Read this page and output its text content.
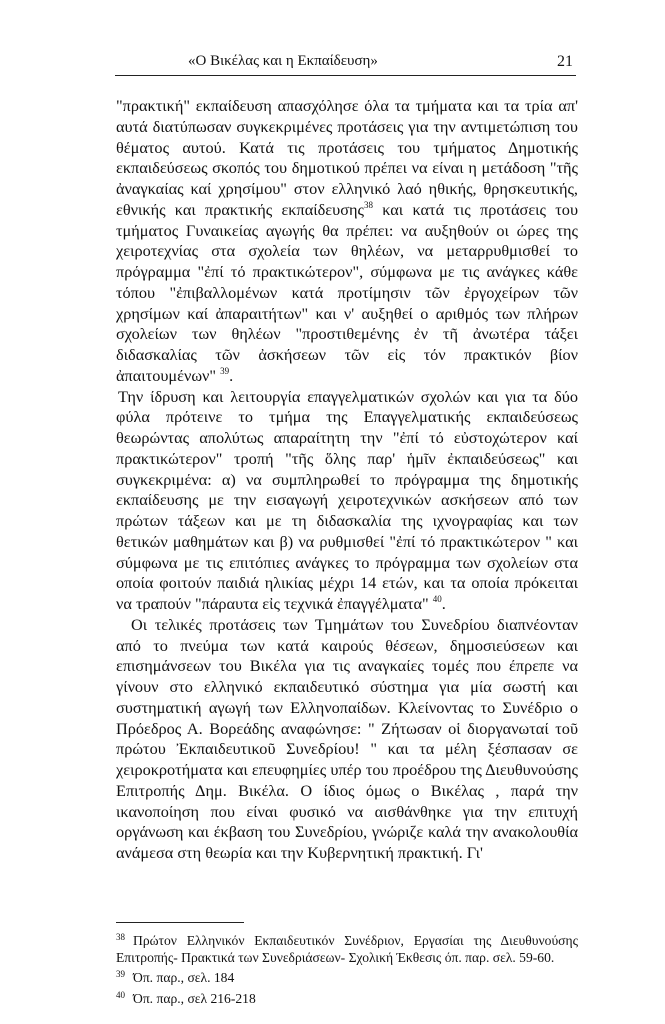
«Ο Βικέλας και η Εκπαίδευση»	21

"πρακτική" εκπαίδευση απασχόλησε όλα τα τμήματα και τα τρία απ' αυτά διατύπωσαν συγκεκριμένες προτάσεις για την αντιμετώπιση του θέματος αυτού. Κατά τις προτάσεις του τμήματος Δημοτικής εκπαιδεύσεως σκοπός του δημοτικού πρέπει να είναι η μετάδοση "τῆς ἀναγκαίας καί χρησίμου" στον ελληνικό λαό ηθικής, θρησκευτικής, εθνικής και πρακτικής εκπαίδευσης$^{38}$ και κατά τις προτάσεις του τμήματος Γυναικείας αγωγής θα πρέπει: να αυξηθούν οι ώρες της χειροτεχνίας στα σχολεία των θηλέων, να μεταρρυθμισθεί το πρόγραμμα "ἐπί τό πρακτικώτερον", σύμφωνα με τις ανάγκες κάθε τόπου "ἐπιβαλλομένων κατά προτίμησιν τῶν ἐργοχείρων τῶν χρησίμων καί ἀπαραιτήτων" και ν' αυξηθεί ο αριθμός των πλήρων σχολείων των θηλέων "προστιθεμένης ἐν τῆ ἀνωτέρα τάξει διδασκαλίας τῶν ἀσκήσεων τῶν εἰς τόν πρακτικόν βίον ἀπαιτουμένων" $^{39}$.

Την ίδρυση και λειτουργία επαγγελματικών σχολών και για τα δύο φύλα πρότεινε το τμήμα της Επαγγελματικής εκπαιδεύσεως θεωρώντας απολύτως απαραίτητη την "ἐπί τό εὐστοχώτερον καί πρακτικώτερον" τροπή "τῆς ὅλης παρ' ἡμῖν ἐκπαιδεύσεως" και συγκεκριμένα: α) να συμπληρωθεί το πρόγραμμα της δημοτικής εκπαίδευσης με την εισαγωγή χειροτεχνικών ασκήσεων από των πρώτων τάξεων και με τη διδασκαλία της ιχνογραφίας και των θετικών μαθημάτων και β) να ρυθμισθεί "ἐπί τό πρακτικώτερον " και σύμφωνα με τις επιτόπιες ανάγκες το πρόγραμμα των σχολείων στα οποία φοιτούν παιδιά ηλικίας μέχρι 14 ετών, και τα οποία πρόκειται να τραπούν "πάραυτα εἰς τεχνικά ἐπαγγέλματα" $^{40}$.

Οι τελικές προτάσεις των Τμημάτων του Συνεδρίου διαπνέονταν από το πνεύμα των κατά καιρούς θέσεων, δημοσιεύσεων και επισημάνσεων του Βικέλα για τις αναγκαίες τομές που έπρεπε να γίνουν στο ελληνικό εκπαιδευτικό σύστημα για μία σωστή και συστηματική αγωγή των Ελληνοπαίδων. Κλείνοντας το Συνέδριο ο Πρόεδρος Α. Βορεάδης αναφώνησε: " Ζήτωσαν οἱ διοργανωταί τοῦ πρώτου Ἐκπαιδευτικοῦ Συνεδρίου! " και τα μέλη ξέσπασαν σε χειροκροτήματα και επευφημίες υπέρ του προέδρου της Διευθυνούσης Επιτροπής Δημ. Βικέλα. Ο ίδιος όμως ο Βικέλας , παρά την ικανοποίηση που είναι φυσικό να αισθάνθηκε για την επιτυχή οργάνωση και έκβαση του Συνεδρίου, γνώριζε καλά την ανακολουθία ανάμεσα στη θεωρία και την Κυβερνητική πρακτική. Γι'

$^{38}$ Πρώτον Ελληνικόν Εκπαιδευτικόν Συνέδριον, Εργασίαι της Διευθυνούσης Επιτροπής- Πρακτικά των Συνεδριάσεων- Σχολική Έκθεσις όπ. παρ. σελ. 59-60.

$^{39}$ Όπ. παρ., σελ. 184

$^{40}$ Όπ. παρ., σελ 216-218
